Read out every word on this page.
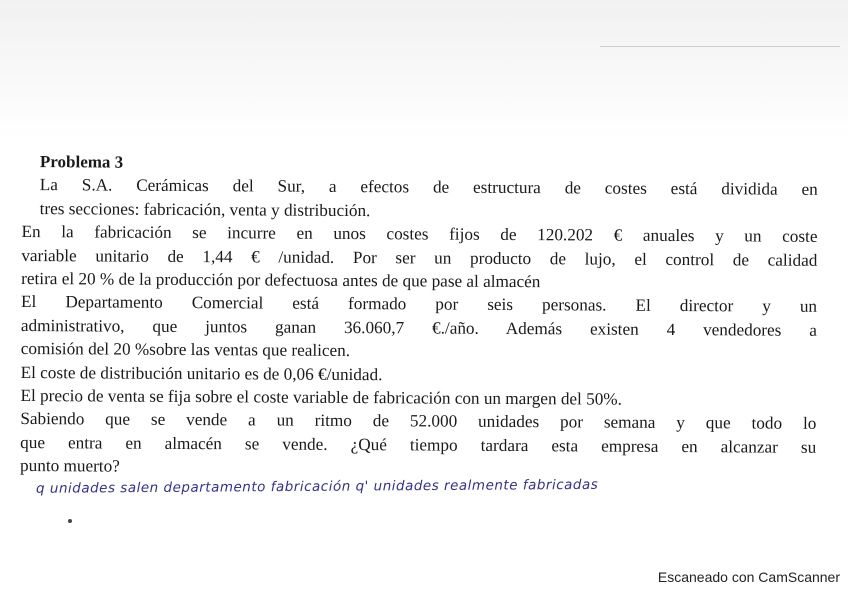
Problema 3
La S.A. Cerámicas del Sur, a efectos de estructura de costes está dividida en
tres secciones: fabricación, venta y distribución.
En la fabricación se incurre en unos costes fijos de 120.202 € anuales y un coste
variable unitario de 1,44 € /unidad. Por ser un producto de lujo, el control de calidad
retira el 20 % de la producción por defectuosa antes de que pase al almacén
El Departamento Comercial está formado por seis personas. El director y un
administrativo, que juntos ganan 36.060,7 €./año. Además existen 4 vendedores a
comisión del 20 %sobre las ventas que realicen.
El coste de distribución unitario es de 0,06 €/unidad.
El precio de venta se fija sobre el coste variable de fabricación con un margen del 50%.
Sabiendo que se vende a un ritmo de 52.000 unidades por semana y que todo lo
que entra en almacén se vende. ¿Qué tiempo tardara esta empresa en alcanzar su
punto muerto?
q unidades salen departamento fabricación q' unidades realmente fabricadas
Escaneado con CamScanner
